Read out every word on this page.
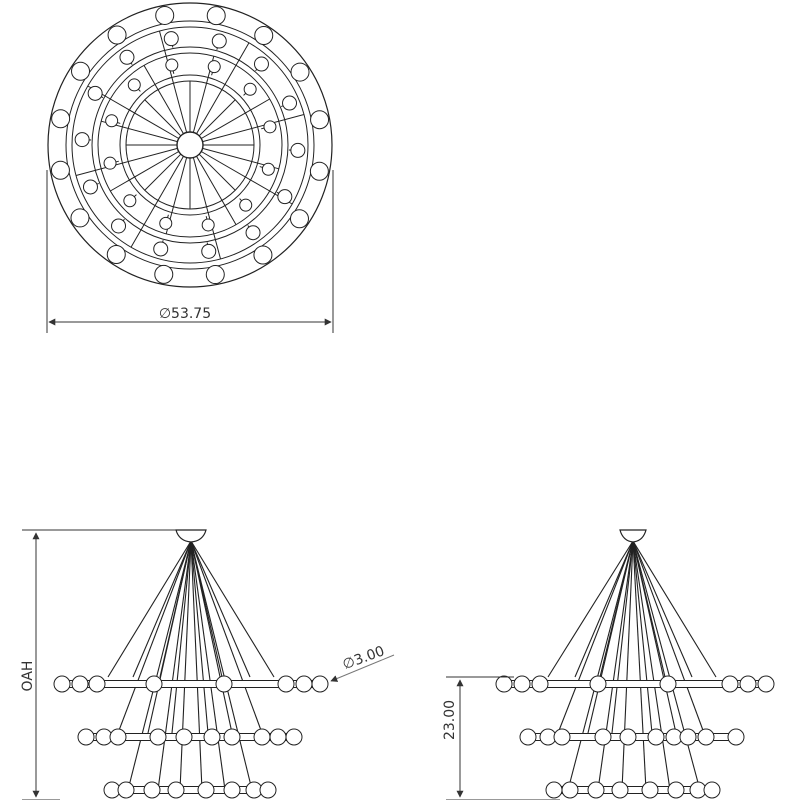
∅53.75
OAH	∅3.00
23.00
